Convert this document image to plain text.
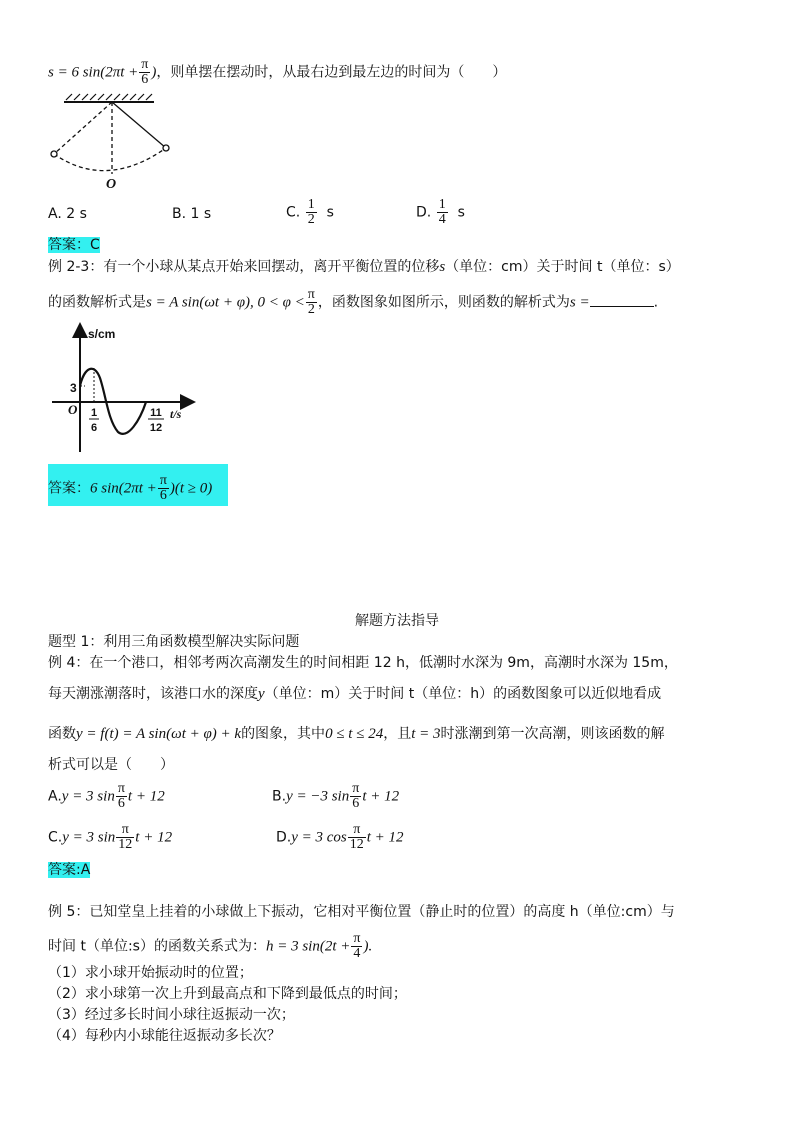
s = 6 $\sin(2\pi t + \frac{\pi}{6}$ )，则单摆在摆动时，从最右边到最左边的时间为（　　）
O
A. 2 s	B. 1 s	C. $\frac{1}{2}$ s	D. $\frac{1}{4}$ s
答案：C
例 2-3：有一个小球从某点开始来回摆动，离开平衡位置的位移s（单位：cm）关于时间 t（单位：s）
的函数解析式是s = A sin(ωt + φ), $0 < \varphi < \frac{\pi}{2}$ ，函数图象如图所示，则函数的解析式为s =	.
s/cm
t/s
O
3
1
6
11
12
答案：6 $\sin(2\pi t + \frac{\pi}{6} )(t \ge 0)$
解题方法指导
题型 1：利用三角函数模型解决实际问题
例 4：在一个港口，相邻考两次高潮发生的时间相距 12 h，低潮时水深为 9m，高潮时水深为 15m，
每天潮涨潮落时，该港口水的深度y（单位：m）关于时间 t（单位：h）的函数图象可以近似地看成
函数y = f(t) = A sin(ωt + φ) + k的图象，其中0 ≤ t ≤ 24，且t = 3时涨潮到第一次高潮，则该函数的解
析式可以是（　　）
A.y = 3 $\sin \frac{\pi}{6}$ t + 12	B.y = −3 $\sin \frac{\pi}{6}$ t + 12
C.y = 3 $\sin \frac{\pi}{12}$ t + 12	D.y = 3 $\cos \frac{\pi}{12}$ t + 12
答案:A
例 5：已知堂皇上挂着的小球做上下振动，它相对平衡位置（静止时的位置）的高度 h（单位:cm）与
时间 t（单位:s）的函数关系式为：h = 3 $\sin(2t + \frac{\pi}{4}$ ).
（1）求小球开始振动时的位置；
（2）求小球第一次上升到最高点和下降到最低点的时间；
（3）经过多长时间小球往返振动一次；
（4）每秒内小球能往返振动多长次？
